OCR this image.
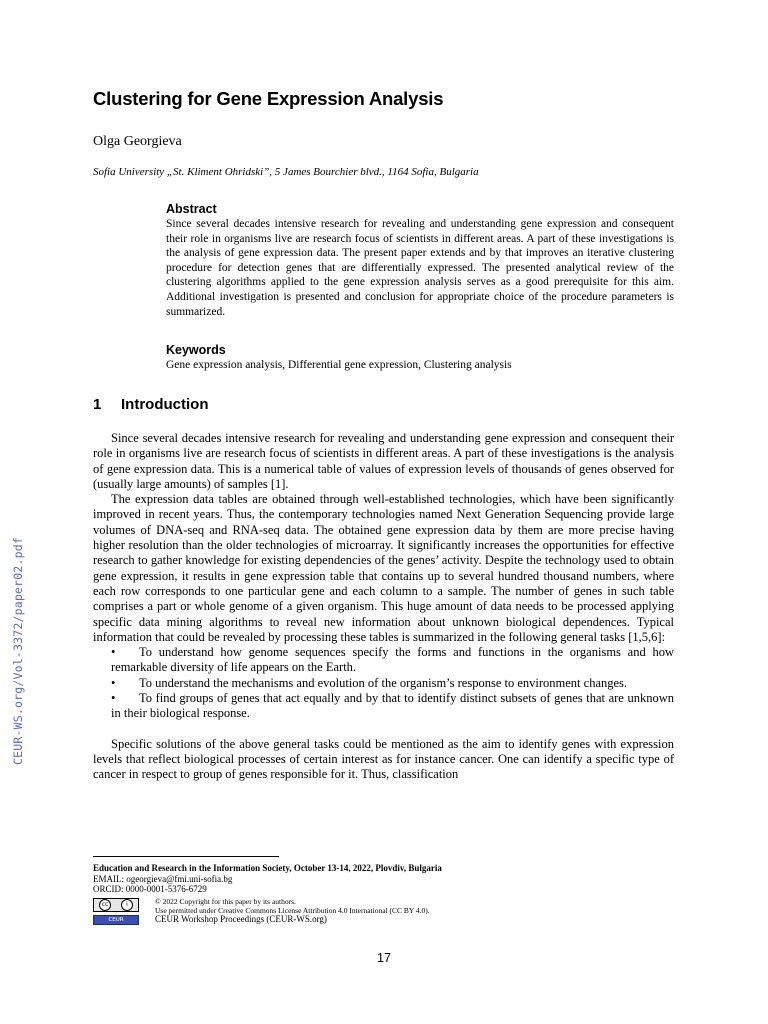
CEUR-WS.org/Vol-3372/paper02.pdf
Clustering for Gene Expression Analysis
Olga Georgieva
Sofia University „St. Kliment Ohridski”, 5 James Bourchier blvd., 1164 Sofia, Bulgaria
Abstract

Since several decades intensive research for revealing and understanding gene expression and consequent their role in organisms live are research focus of scientists in different areas. A part of these investigations is the analysis of gene expression data. The present paper extends and by that improves an iterative clustering procedure for detection genes that are differentially expressed. The presented analytical review of the clustering algorithms applied to the gene expression analysis serves as a good prerequisite for this aim. Additional investigation is presented and conclusion for appropriate choice of the procedure parameters is summarized.

Keywords

Gene expression analysis, Differential gene expression, Clustering analysis

1 Introduction

Since several decades intensive research for revealing and understanding gene expression and consequent their role in organisms live are research focus of scientists in different areas. A part of these investigations is the analysis of gene expression data. This is a numerical table of values of expression levels of thousands of genes observed for (usually large amounts) of samples [1].

The expression data tables are obtained through well-established technologies, which have been significantly improved in recent years. Thus, the contemporary technologies named Next Generation Sequencing provide large volumes of DNA-seq and RNA-seq data. The obtained gene expression data by them are more precise having higher resolution than the older technologies of microarray. It significantly increases the opportunities for effective research to gather knowledge for existing dependencies of the genes’ activity. Despite the technology used to obtain gene expression, it results in gene expression table that contains up to several hundred thousand numbers, where each row corresponds to one particular gene and each column to a sample. The number of genes in such table comprises a part or whole genome of a given organism. This huge amount of data needs to be processed applying specific data mining algorithms to reveal new information about unknown biological dependences. Typical information that could be revealed by processing these tables is summarized in the following general tasks [1,5,6]:

• To understand how genome sequences specify the forms and functions in the organisms and how remarkable diversity of life appears on the Earth.
• To understand the mechanisms and evolution of the organism’s response to environment changes.
• To find groups of genes that act equally and by that to identify distinct subsets of genes that are unknown in their biological response.

Specific solutions of the above general tasks could be mentioned as the aim to identify genes with expression levels that reflect biological processes of certain interest as for instance cancer. One can identify a specific type of cancer in respect to group of genes responsible for it. Thus, classification

Education and Research in the Information Society, October 13-14, 2022, Plovdiv, Bulgaria
EMAIL: ogeorgieva@fmi.uni-sofia.bg
ORCID: 0000-0001-5376-6729
cc	i
CEUR
© 2022 Copyright for this paper by its authors.
Use permitted under Creative Commons License Attribution 4.0 International (CC BY 4.0).
CEUR Workshop Proceedings (CEUR-WS.org)
17
